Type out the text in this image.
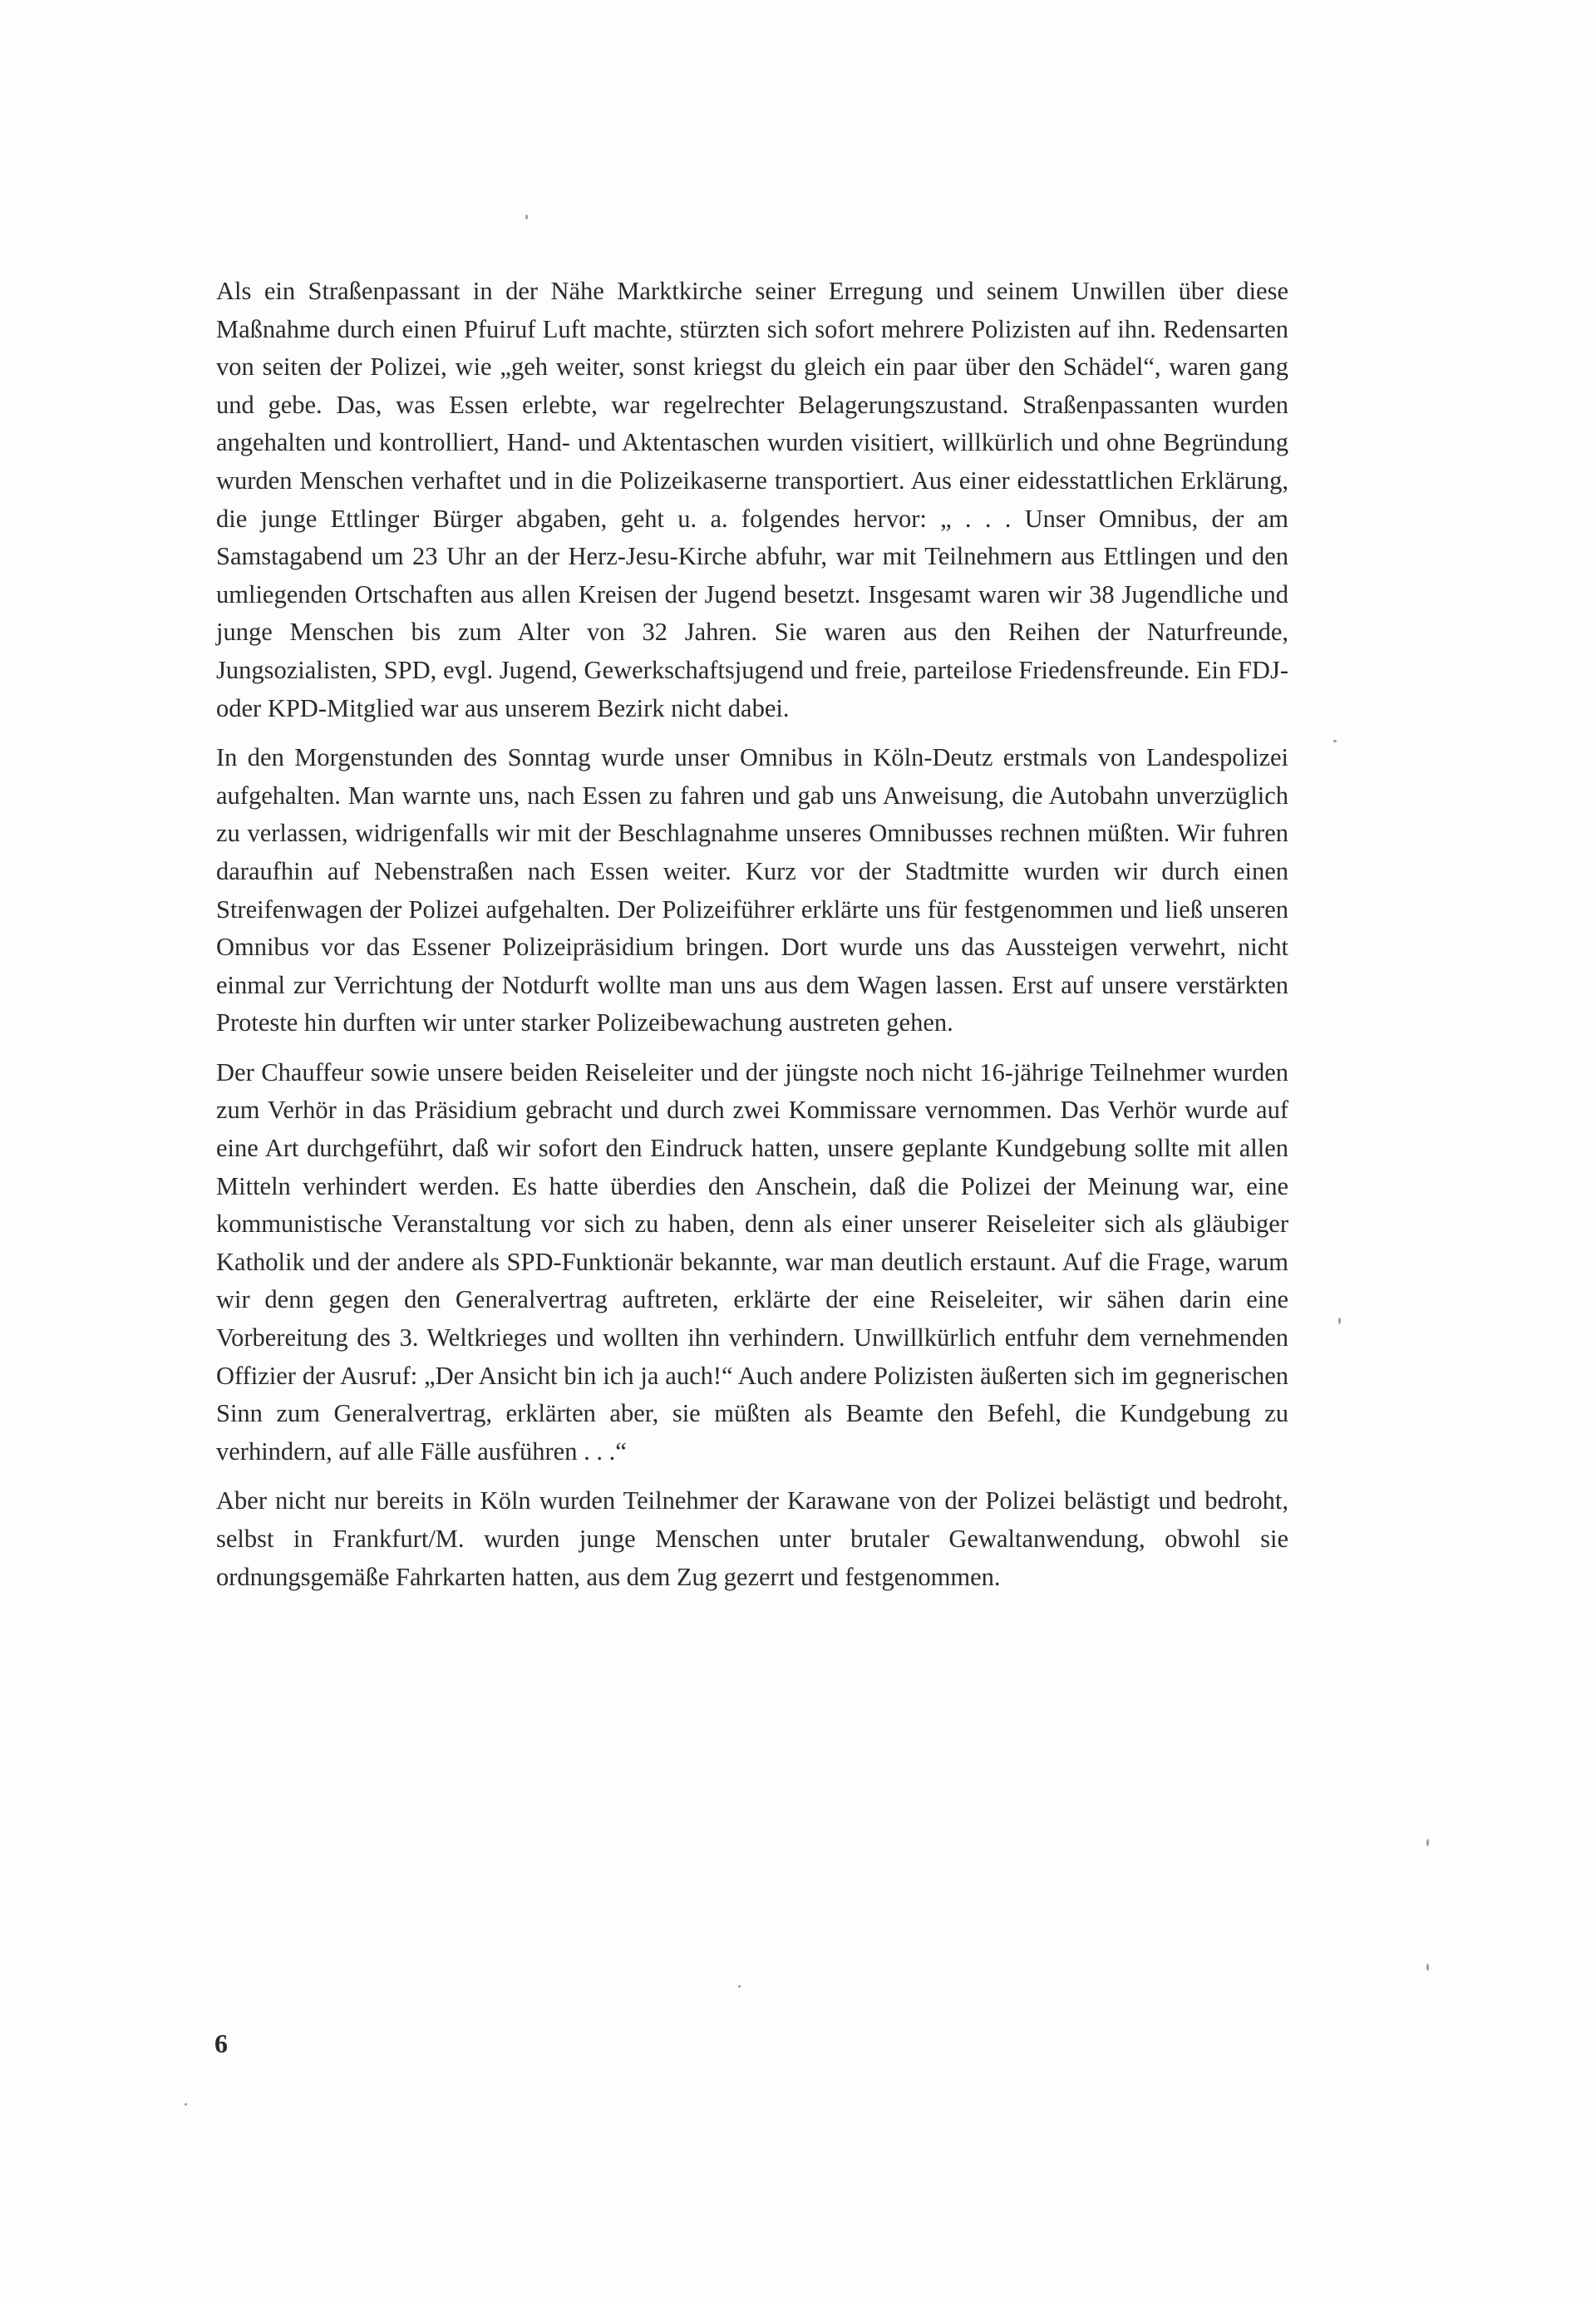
Als ein Straßenpassant in der Nähe Marktkirche seiner Erregung und seinem Unwillen über diese Maßnahme durch einen Pfuiruf Luft machte, stürzten sich sofort mehrere Polizisten auf ihn. Redensarten von seiten der Polizei, wie „geh weiter, sonst kriegst du gleich ein paar über den Schädel“, waren gang und gebe. Das, was Essen erlebte, war regelrechter Belagerungszustand. Straßenpassanten wurden angehalten und kontrolliert, Hand- und Aktentaschen wurden visitiert, willkürlich und ohne Begründung wurden Menschen verhaftet und in die Polizeikaserne transportiert. Aus einer eidesstattlichen Erklärung, die junge Ettlinger Bürger abgaben, geht u. a. folgendes hervor: „ . . . Unser Omnibus, der am Samstagabend um 23 Uhr an der Herz-Jesu-Kirche abfuhr, war mit Teilnehmern aus Ettlingen und den umliegenden Ortschaften aus allen Kreisen der Jugend besetzt. Insgesamt waren wir 38 Jugendliche und junge Menschen bis zum Alter von 32 Jahren. Sie waren aus den Reihen der Naturfreunde, Jungsozialisten, SPD, evgl. Jugend, Gewerkschaftsjugend und freie, parteilose Friedensfreunde. Ein FDJ- oder KPD-Mitglied war aus unserem Bezirk nicht dabei.

In den Morgenstunden des Sonntag wurde unser Omnibus in Köln-Deutz erstmals von Landespolizei aufgehalten. Man warnte uns, nach Essen zu fahren und gab uns Anweisung, die Autobahn unverzüglich zu verlassen, widrigenfalls wir mit der Beschlagnahme unseres Omnibusses rechnen müßten. Wir fuhren daraufhin auf Nebenstraßen nach Essen weiter. Kurz vor der Stadtmitte wurden wir durch einen Streifenwagen der Polizei aufgehalten. Der Polizeiführer erklärte uns für festgenommen und ließ unseren Omnibus vor das Essener Polizeipräsidium bringen. Dort wurde uns das Aussteigen verwehrt, nicht einmal zur Verrichtung der Notdurft wollte man uns aus dem Wagen lassen. Erst auf unsere verstärkten Proteste hin durften wir unter starker Polizeibewachung austreten gehen.

Der Chauffeur sowie unsere beiden Reiseleiter und der jüngste noch nicht 16-jährige Teilnehmer wurden zum Verhör in das Präsidium gebracht und durch zwei Kommissare vernommen. Das Verhör wurde auf eine Art durchgeführt, daß wir sofort den Eindruck hatten, unsere geplante Kundgebung sollte mit allen Mitteln verhindert werden. Es hatte überdies den Anschein, daß die Polizei der Meinung war, eine kommunistische Veranstaltung vor sich zu haben, denn als einer unserer Reiseleiter sich als gläubiger Katholik und der andere als SPD-Funktionär bekannte, war man deutlich erstaunt. Auf die Frage, warum wir denn gegen den Generalvertrag auftreten, erklärte der eine Reiseleiter, wir sähen darin eine Vorbereitung des 3. Weltkrieges und wollten ihn verhindern. Unwillkürlich entfuhr dem vernehmenden Offizier der Ausruf: „Der Ansicht bin ich ja auch!“ Auch andere Polizisten äußerten sich im gegnerischen Sinn zum Generalvertrag, erklärten aber, sie müßten als Beamte den Befehl, die Kundgebung zu verhindern, auf alle Fälle ausführen . . .“

Aber nicht nur bereits in Köln wurden Teilnehmer der Karawane von der Polizei belästigt und bedroht, selbst in Frankfurt/M. wurden junge Menschen unter brutaler Gewaltanwendung, obwohl sie ordnungsgemäße Fahrkarten hatten, aus dem Zug gezerrt und festgenommen.

6
